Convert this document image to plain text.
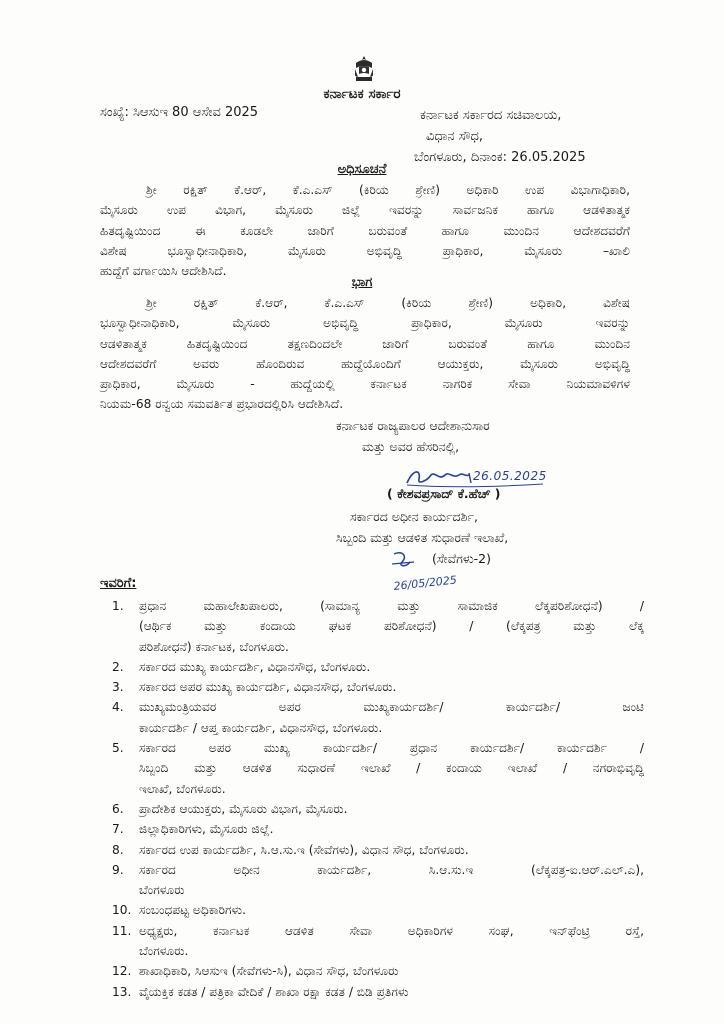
ಕರ್ನಾಟಕ ಸರ್ಕಾರ
ಸಂಖ್ಯೆ: ಸಿಆಸುಇ 80 ಆಸೇವ 2025	ಕರ್ನಾಟಕ ಸರ್ಕಾರದ ಸಚಿವಾಲಯ,
ವಿಧಾನ ಸೌಧ,
ಬೆಂಗಳೂರು, ದಿನಾಂಕ: 26.05.2025
ಅಧಿಸೂಚನೆ
ಶ್ರೀ ರಕ್ಷಿತ್ ಕೆ.ಆರ್, ಕೆ.ಎ.ಎಸ್ (ಕಿರಿಯ ಶ್ರೇಣಿ) ಅಧಿಕಾರಿ ಉಪ ವಿಭಾಗಾಧಿಕಾರಿ,
ಮೈಸೂರು ಉಪ ವಿಭಾಗ, ಮೈಸೂರು ಜಿಲ್ಲೆ ಇವರನ್ನು ಸಾರ್ವಜನಿಕ ಹಾಗೂ ಆಡಳಿತಾತ್ಮಕ
ಹಿತದೃಷ್ಟಿಯಿಂದ ಈ ಕೂಡಲೇ ಜಾರಿಗೆ ಬರುವಂತೆ ಹಾಗೂ ಮುಂದಿನ ಆದೇಶದವರೆಗೆ
ವಿಶೇಷ ಭೂಸ್ವಾಧೀನಾಧಿಕಾರಿ, ಮೈಸೂರು ಅಭಿವೃದ್ಧಿ ಪ್ರಾಧಿಕಾರ, ಮೈಸೂರು –ಖಾಲಿ
ಹುದ್ದೆಗೆ ವರ್ಗಾಯಿಸಿ ಆದೇಶಿಸಿದೆ.
ಭಾಗ
ಶ್ರೀ ರಕ್ಷಿತ್ ಕೆ.ಆರ್, ಕೆ.ಎ.ಎಸ್ (ಕಿರಿಯ ಶ್ರೇಣಿ) ಅಧಿಕಾರಿ, ವಿಶೇಷ
ಭೂಸ್ವಾಧೀನಾಧಿಕಾರಿ, ಮೈಸೂರು ಅಭಿವೃದ್ಧಿ ಪ್ರಾಧಿಕಾರ, ಮೈಸೂರು ಇವರನ್ನು
ಆಡಳಿತಾತ್ಮಕ ಹಿತದೃಷ್ಟಿಯಿಂದ ತಕ್ಷಣದಿಂದಲೇ ಜಾರಿಗೆ ಬರುವಂತೆ ಹಾಗೂ ಮುಂದಿನ
ಆದೇಶದವರೆಗೆ ಅವರು ಹೊಂದಿರುವ ಹುದ್ದೆಯೊಂದಿಗೆ ಆಯುಕ್ತರು, ಮೈಸೂರು ಅಭಿವೃದ್ಧಿ
ಪ್ರಾಧಿಕಾರ, ಮೈಸೂರು - ಹುದ್ದೆಯಲ್ಲಿ ಕರ್ನಾಟಕ ನಾಗರಿಕ ಸೇವಾ ನಿಯಮಾವಳಿಗಳ
ನಿಯಮ-68 ರನ್ವಯ ಸಮವರ್ತಿತ ಪ್ರಭಾರದಲ್ಲಿರಿಸಿ ಆದೇಶಿಸಿದೆ.
ಕರ್ನಾಟಕ ರಾಜ್ಯಪಾಲರ ಆದೇಶಾನುಸಾರ
ಮತ್ತು ಅವರ ಹೆಸರಿನಲ್ಲಿ,
26.05.2025
( ಕೇಶವಪ್ರಸಾದ್ ಕೆ.ಹೆಚ್ )
ಸರ್ಕಾರದ ಅಧೀನ ಕಾರ್ಯದರ್ಶಿ,
ಸಿಬ್ಬಂದಿ ಮತ್ತು ಆಡಳಿತ ಸುಧಾರಣೆ ಇಲಾಖೆ,
(ಸೇವೆಗಳು-2)
26/05/2025
ಇವರಿಗೆ:
1. ಪ್ರಧಾನ ಮಹಾಲೇಖಪಾಲರು, (ಸಾಮಾನ್ಯ ಮತ್ತು ಸಾಮಾಜಿಕ ಲೆಕ್ಕಪರಿಶೋಧನೆ) /
(ಆರ್ಥಿಕ ಮತ್ತು ಕಂದಾಯ ಘಟಕ ಪರಿಶೋಧನೆ) / (ಲೆಕ್ಕಪತ್ರ ಮತ್ತು ಲೆಕ್ಕ
ಪರಿಶೋಧನೆ) ಕರ್ನಾಟಕ, ಬೆಂಗಳೂರು.
2. ಸರ್ಕಾರದ ಮುಖ್ಯ ಕಾರ್ಯದರ್ಶಿ, ವಿಧಾನಸೌಧ, ಬೆಂಗಳೂರು.
3. ಸರ್ಕಾರದ ಅಪರ ಮುಖ್ಯ ಕಾರ್ಯದರ್ಶಿ, ವಿಧಾನಸೌಧ, ಬೆಂಗಳೂರು.
4. ಮುಖ್ಯಮಂತ್ರಿಯವರ ಅಪರ ಮುಖ್ಯಕಾರ್ಯದರ್ಶಿ/ ಕಾರ್ಯದರ್ಶಿ/ ಜಂಟಿ
ಕಾರ್ಯದರ್ಶಿ / ಆಪ್ತ ಕಾರ್ಯದರ್ಶಿ, ವಿಧಾನಸೌಧ, ಬೆಂಗಳೂರು.
5. ಸರ್ಕಾರದ ಅಪರ ಮುಖ್ಯ ಕಾರ್ಯದರ್ಶಿ/ ಪ್ರಧಾನ ಕಾರ್ಯದರ್ಶಿ/ ಕಾರ್ಯದರ್ಶಿ /
ಸಿಬ್ಬಂದಿ ಮತ್ತು ಆಡಳಿತ ಸುಧಾರಣೆ ಇಲಾಖೆ / ಕಂದಾಯ ಇಲಾಖೆ / ನಗರಾಭಿವೃದ್ಧಿ
ಇಲಾಖೆ, ಬೆಂಗಳೂರು.
6. ಪ್ರಾದೇಶಿಕ ಆಯುಕ್ತರು, ಮೈಸೂರು ವಿಭಾಗ, ಮೈಸೂರು.
7. ಜಿಲ್ಲಾಧಿಕಾರಿಗಳು, ಮೈಸೂರು ಜಿಲ್ಲೆ.
8. ಸರ್ಕಾರದ ಉಪ ಕಾರ್ಯದರ್ಶಿ, ಸಿ.ಆ.ಸು.ಇ (ಸೇವೆಗಳು), ವಿಧಾನ ಸೌಧ, ಬೆಂಗಳೂರು.
9. ಸರ್ಕಾರದ ಅಧೀನ ಕಾರ್ಯದರ್ಶಿ, ಸಿ.ಆ.ಸು.ಇ (ಲೆಕ್ಕಪತ್ರ-ಐ.ಆರ್.ಎಲ್.ಎ),
ಬೆಂಗಳೂರು
10. ಸಂಬಂಧಪಟ್ಟ ಅಧಿಕಾರಿಗಳು.
11. ಅಧ್ಯಕ್ಷರು, ಕರ್ನಾಟಕ ಆಡಳಿತ ಸೇವಾ ಅಧಿಕಾರಿಗಳ ಸಂಘ, ಇನ್‌ಫೆಂಟ್ರಿ ರಸ್ತೆ,
ಬೆಂಗಳೂರು.
12. ಶಾಖಾಧಿಕಾರಿ, ಸಿಆಸುಇ (ಸೇವೆಗಳು-ಸಿ), ವಿಧಾನ ಸೌಧ, ಬೆಂಗಳೂರು
13. ವೈಯಕ್ತಿಕ ಕಡತ / ಪತ್ರಿಕಾ ವೇದಿಕೆ / ಶಾಖಾ ರಕ್ಷಾ ಕಡತ / ಬಿಡಿ ಪ್ರತಿಗಳು
